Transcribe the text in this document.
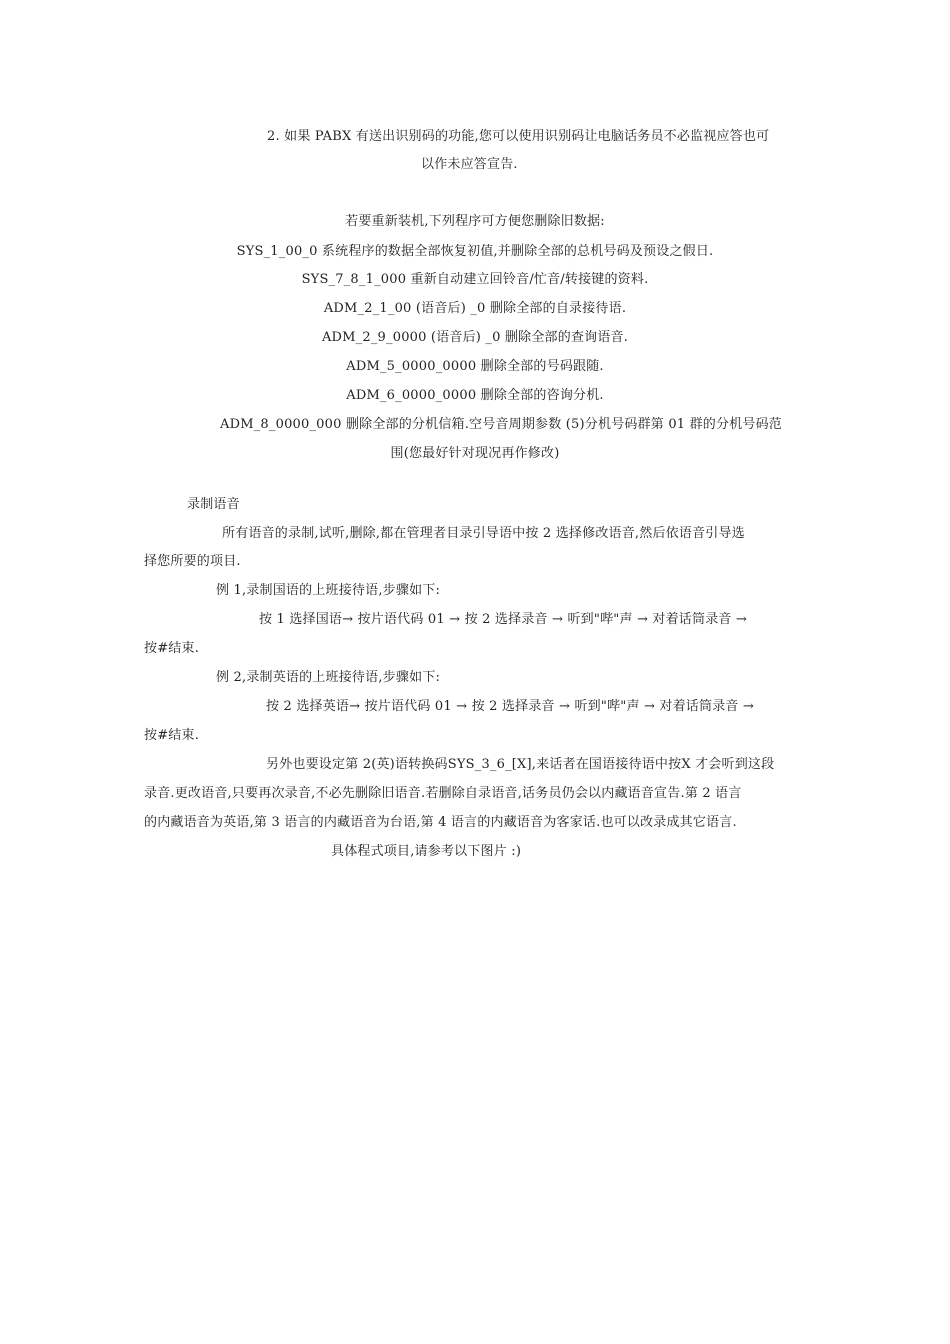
2. 如果 PABX 有送出识别码的功能,您可以使用识别码让电脑话务员不必监视应答也可
以作未应答宣告.
若要重新装机,下列程序可方便您删除旧数据:
SYS_1_00_0 系统程序的数据全部恢复初值,并删除全部的总机号码及预设之假日.
SYS_7_8_1_000 重新自动建立回铃音/忙音/转接键的资料.
ADM_2_1_00 (语音后) _0 删除全部的自录接待语.
ADM_2_9_0000 (语音后) _0 删除全部的查询语音.
ADM_5_0000_0000 删除全部的号码跟随.
ADM_6_0000_0000 删除全部的咨询分机.
ADM_8_0000_000 删除全部的分机信箱.空号音周期参数 (5)分机号码群第 01 群的分机号码范
围(您最好针对现况再作修改)
录制语音
所有语音的录制,试听,删除,都在管理者目录引导语中按 2 选择修改语音,然后依语音引导选
择您所要的项目.
例 1,录制国语的上班接待语,步骤如下:
按 1 选择国语→ 按片语代码 01 → 按 2 选择录音 → 听到"哔"声 → 对着话筒录音 →
按#结束.
例 2,录制英语的上班接待语,步骤如下:
按 2 选择英语→ 按片语代码 01 → 按 2 选择录音 → 听到"哔"声 → 对着话筒录音 →
按#结束.
另外也要设定第 2(英)语转换码SYS_3_6_[X],来话者在国语接待语中按X 才会听到这段
录音.更改语音,只要再次录音,不必先删除旧语音.若删除自录语音,话务员仍会以内藏语音宣告.第 2 语言
的内藏语音为英语,第 3 语言的内藏语音为台语,第 4 语言的内藏语音为客家话.也可以改录成其它语言.
具体程式项目,请参考以下图片 :)
